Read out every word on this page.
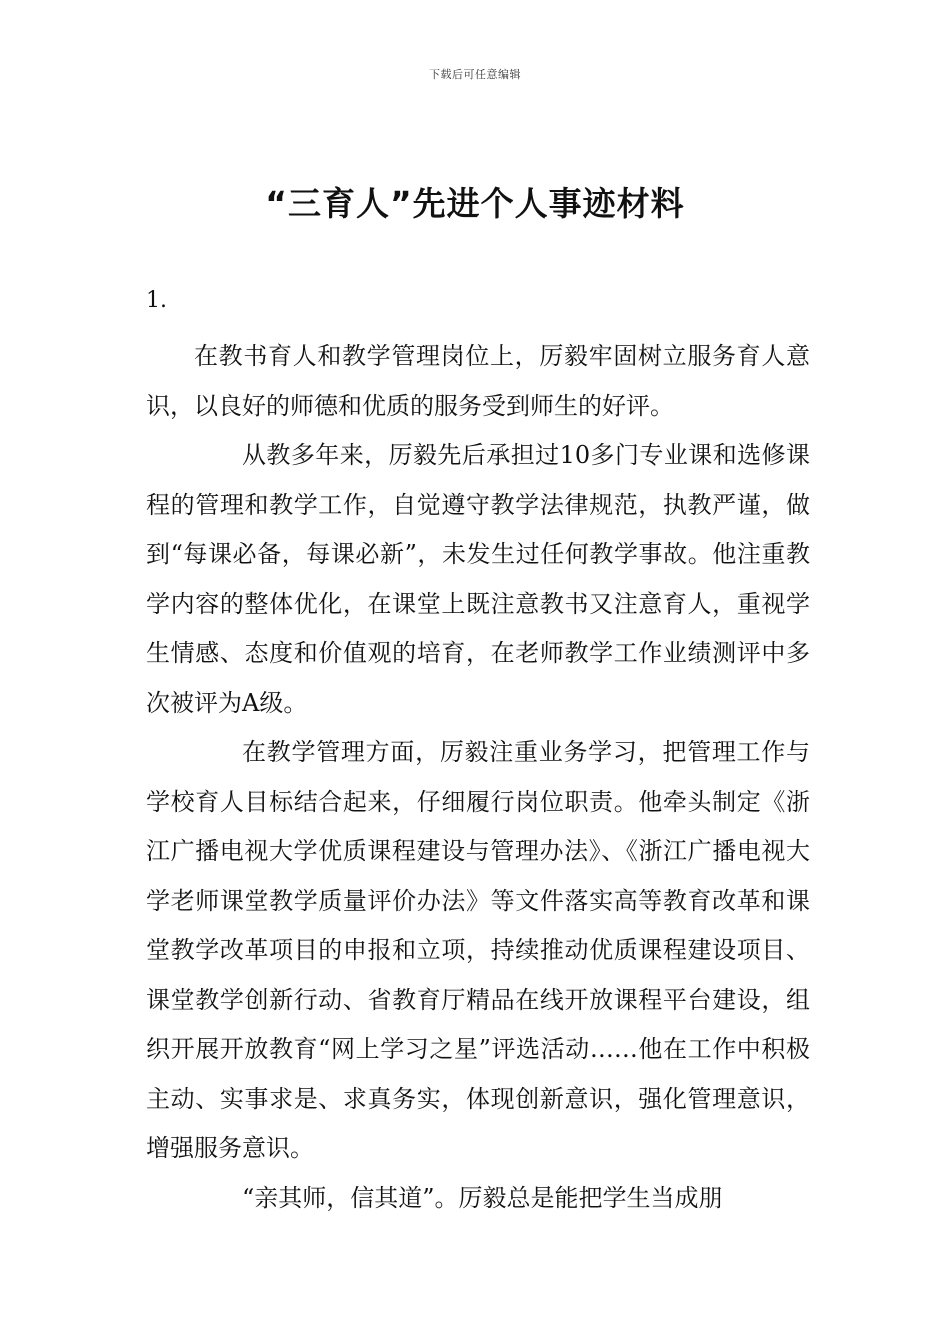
下载后可任意编辑
“三育人”先进个人事迹材料
1.

在教书育人和教学管理岗位上，厉毅牢固树立服务育人意识，以良好的师德和优质的服务受到师生的好评。

从教多年来，厉毅先后承担过10多门专业课和选修课程的管理和教学工作，自觉遵守教学法律规范，执教严谨，做到“每课必备，每课必新”，未发生过任何教学事故。他注重教学内容的整体优化，在课堂上既注意教书又注意育人，重视学生情感、态度和价值观的培育，在老师教学工作业绩测评中多次被评为A级。

在教学管理方面，厉毅注重业务学习，把管理工作与学校育人目标结合起来，仔细履行岗位职责。他牵头制定《浙江广播电视大学优质课程建设与管理办法》、《浙江广播电视大学老师课堂教学质量评价办法》等文件落实高等教育改革和课堂教学改革项目的申报和立项，持续推动优质课程建设项目、课堂教学创新行动、省教育厅精品在线开放课程平台建设，组织开展开放教育“网上学习之星”评选活动……他在工作中积极主动、实事求是、求真务实，体现创新意识，强化管理意识，增强服务意识。

“亲其师，信其道”。厉毅总是能把学生当成朋
